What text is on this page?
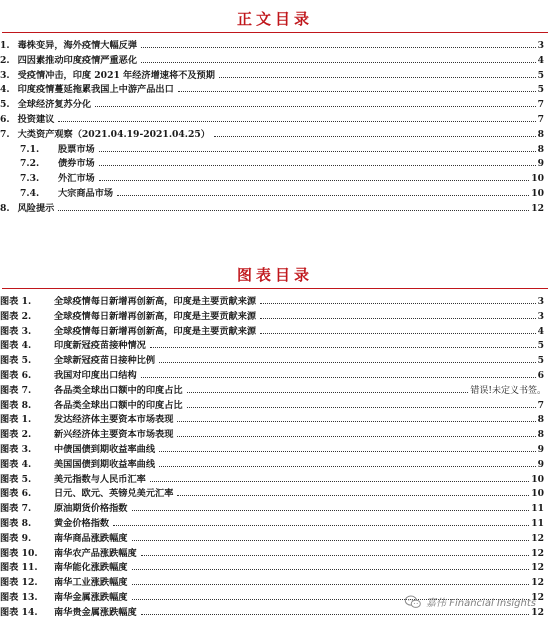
正文目录
1. 毒株变异，海外疫情大幅反弹	3
2. 四因素推动印度疫情严重恶化	4
3. 受疫情冲击，印度 2021 年经济增速将不及预期	5
4. 印度疫情蔓延拖累我国上中游产品出口	5
5. 全球经济复苏分化	7
6. 投资建议	7
7. 大类资产观察（2021.04.19-2021.04.25）	8
7.1. 股票市场	8
7.2. 债券市场	9
7.3. 外汇市场	10
7.4. 大宗商品市场	10
8. 风险提示	12
图表目录
图表 1. 全球疫情每日新增再创新高，印度是主要贡献来源	3
图表 2. 全球疫情每日新增再创新高，印度是主要贡献来源	3
图表 3. 全球疫情每日新增再创新高，印度是主要贡献来源	4
图表 4. 印度新冠疫苗接种情况	5
图表 5. 全球新冠疫苗日接种比例	5
图表 6. 我国对印度出口结构	6
图表 7. 各品类全球出口额中的印度占比	错误!未定义书签。
图表 8. 各品类全球出口额中的印度占比	7
图表 1. 发达经济体主要资本市场表现	8
图表 2. 新兴经济体主要资本市场表现	8
图表 3. 中债国债到期收益率曲线	9
图表 4. 美国国债到期收益率曲线	9
图表 5. 美元指数与人民币汇率	10
图表 6. 日元、欧元、英镑兑美元汇率	10
图表 7. 原油期货价格指数	11
图表 8. 黄金价格指数	11
图表 9. 南华商品涨跌幅度	12
图表 10. 南华农产品涨跌幅度	12
图表 11. 南华能化涨跌幅度	12
图表 12. 南华工业涨跌幅度	12
图表 13. 南华金属涨跌幅度	12
图表 14. 南华贵金属涨跌幅度	12
嘉伟 Financial Insights
